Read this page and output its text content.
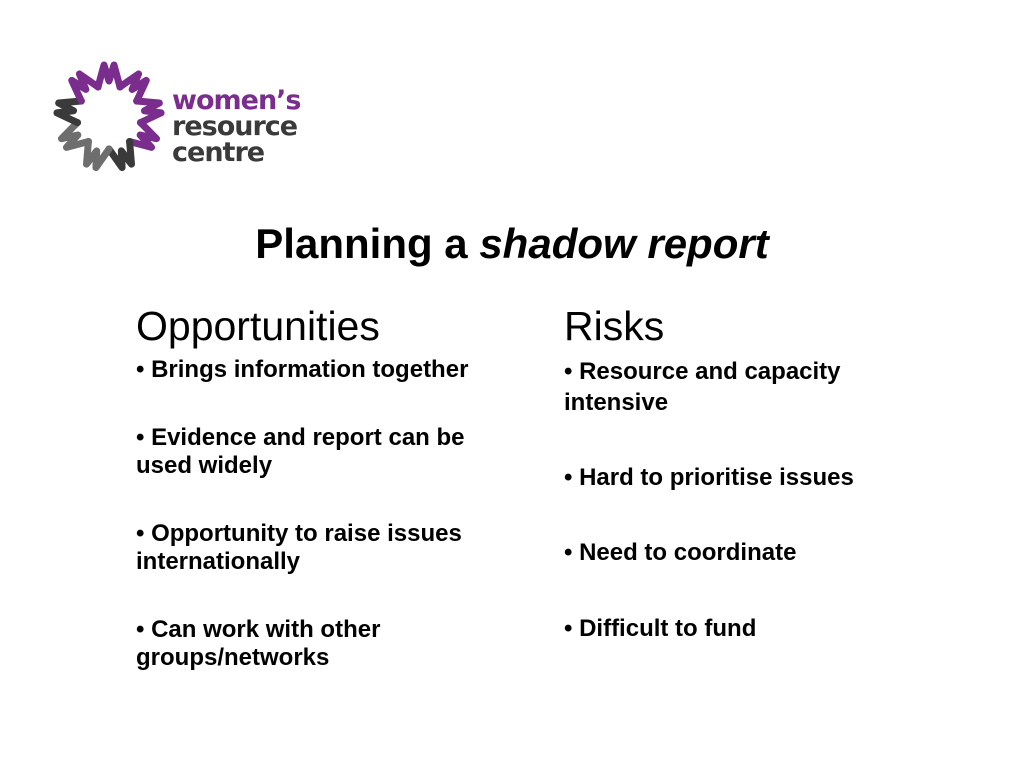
women’s
resource
centre
Planning a shadow report
Opportunities
• Brings information together
• Evidence and report can be used widely
• Opportunity to raise issues internationally
• Can work with other groups/networks
Risks
• Resource and capacity intensive
• Hard to prioritise issues
• Need to coordinate
• Difficult to fund
